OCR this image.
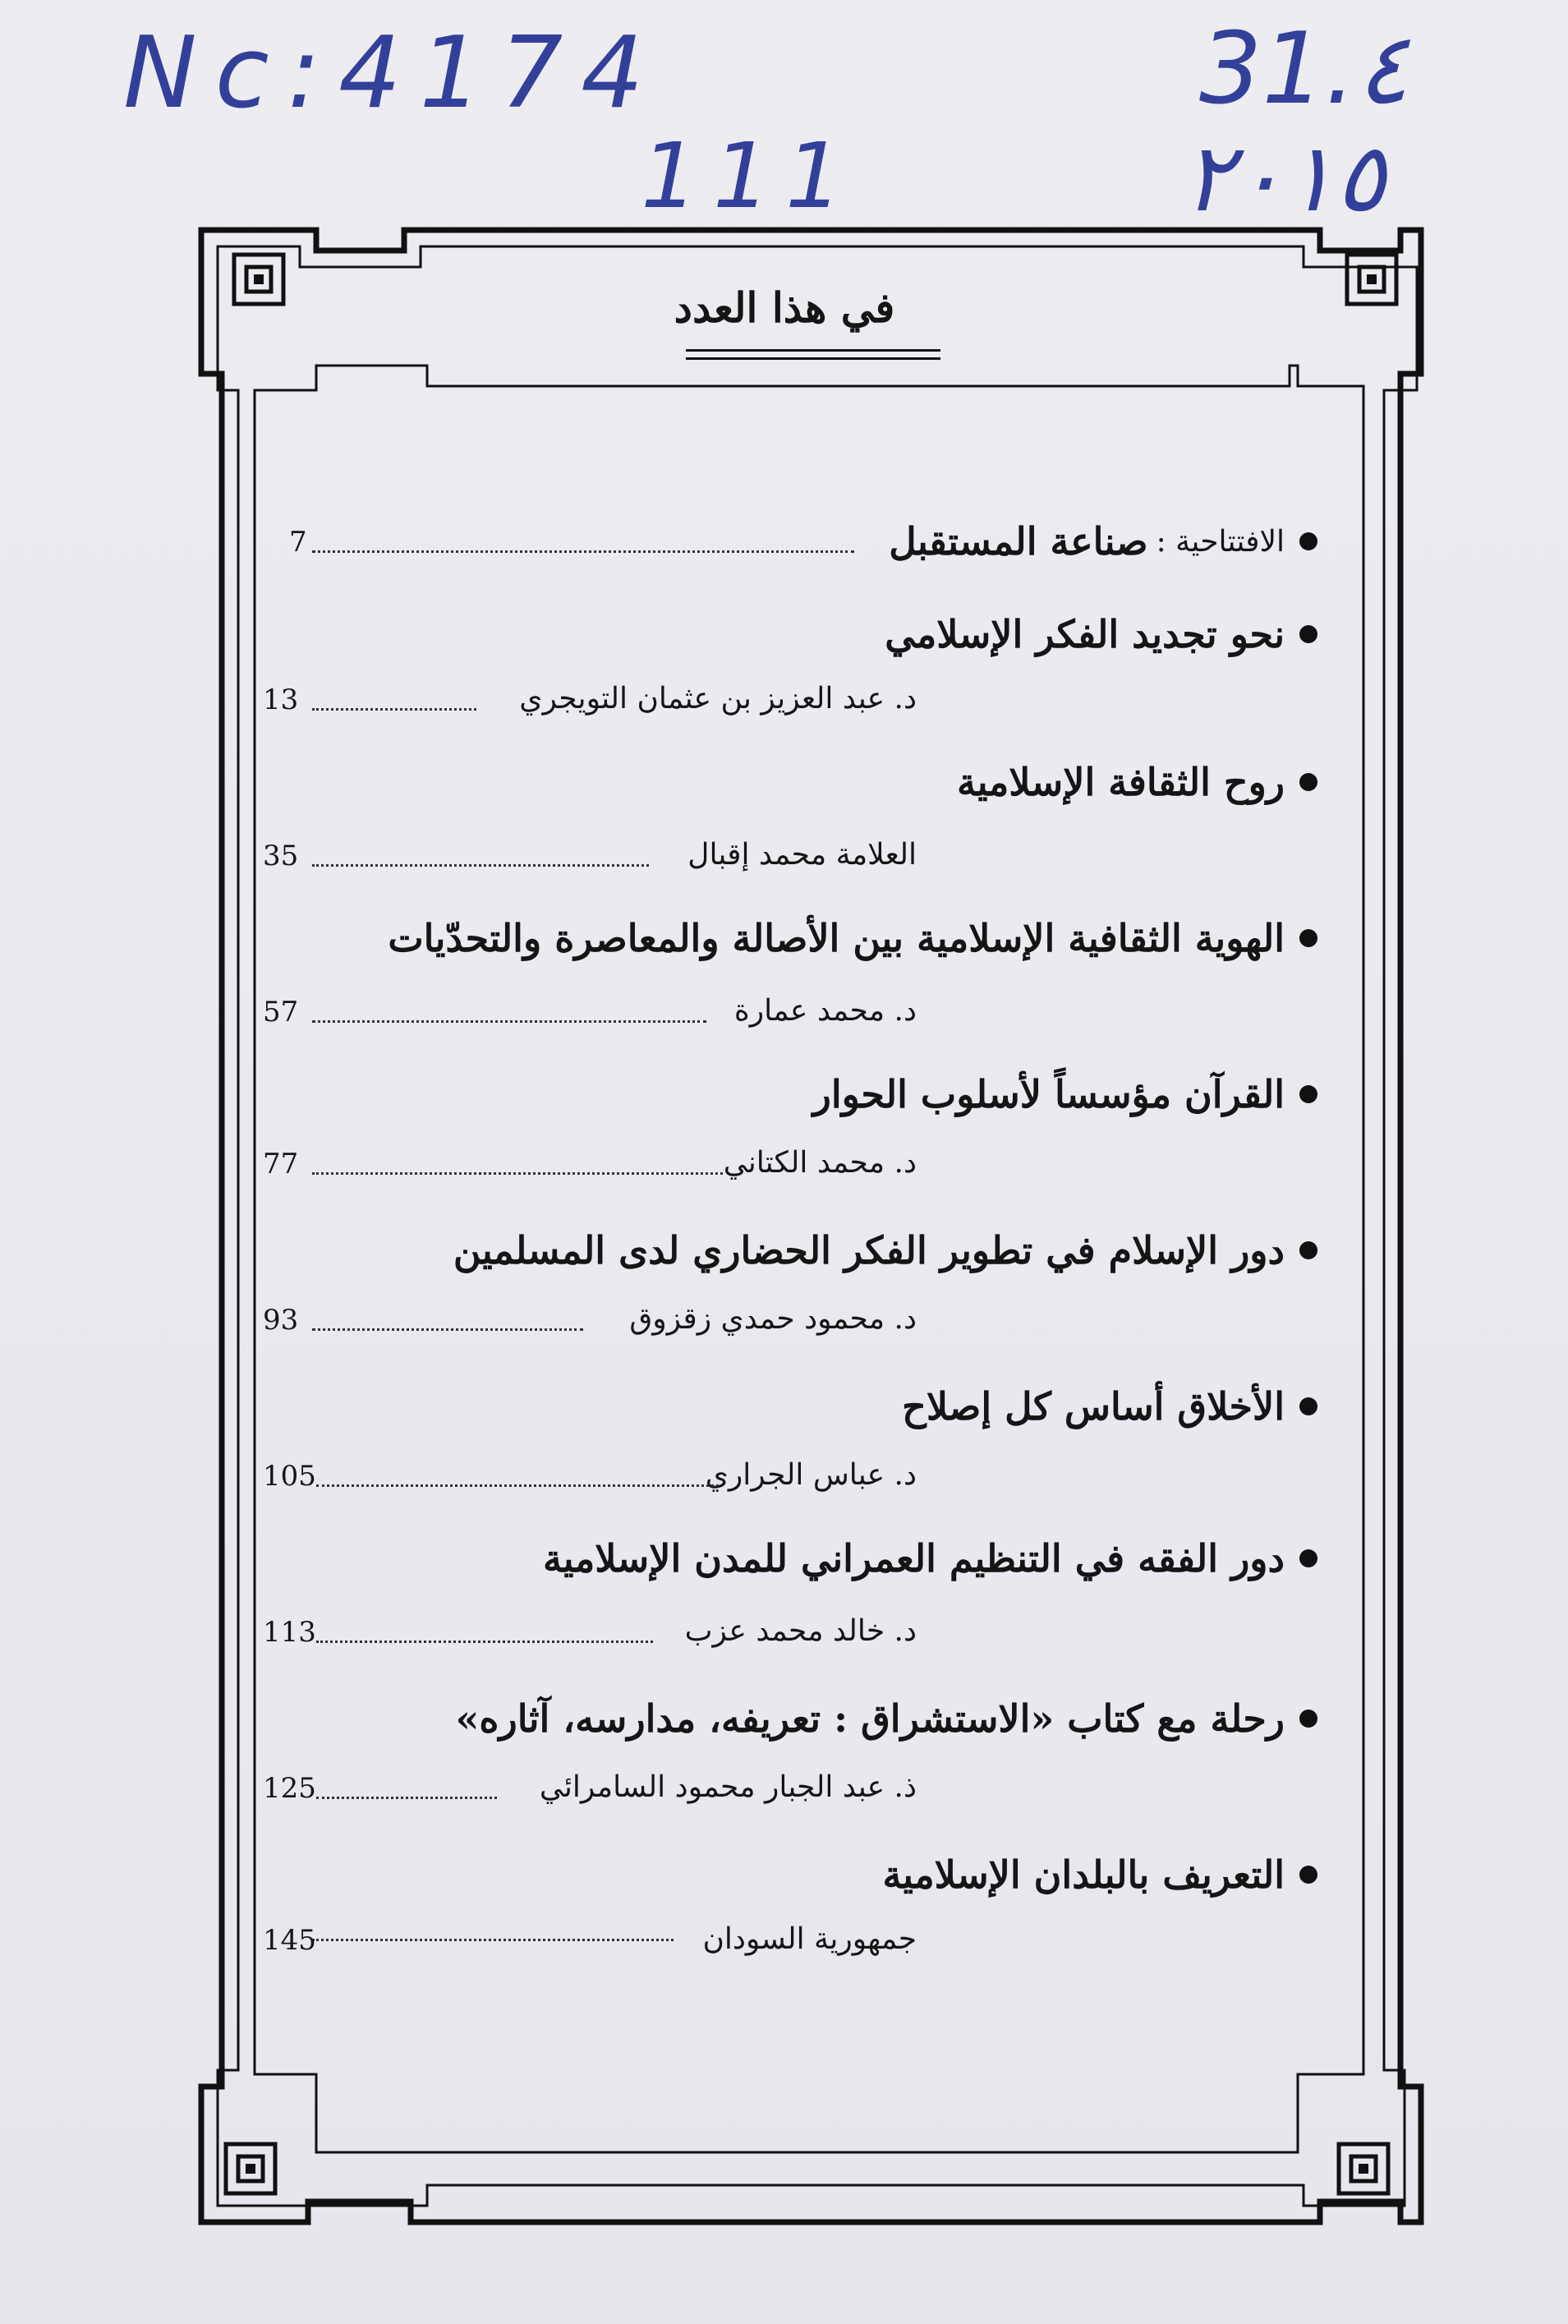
Nc:4174
111
31.٤
٢٠١٥
في هذا العدد
الافتتاحية :
صناعة المستقبل
7
نحو تجديد الفكر الإسلامي
د. عبد العزيز بن عثمان التويجري
13
روح الثقافة الإسلامية
العلامة محمد إقبال
35
الهوية الثقافية الإسلامية بين الأصالة والمعاصرة والتحدّيات
د. محمد عمارة
57
القرآن مؤسساً لأسلوب الحوار
د. محمد الكتاني
77
دور الإسلام في تطوير الفكر الحضاري لدى المسلمين
د. محمود حمدي زقزوق
93
الأخلاق أساس كل إصلاح
د. عباس الجراري
105
دور الفقه في التنظيم العمراني للمدن الإسلامية
د. خالد محمد عزب
113
رحلة مع كتاب «الاستشراق : تعريفه، مدارسه، آثاره»
ذ. عبد الجبار محمود السامرائي
125
التعريف بالبلدان الإسلامية
جمهورية السودان
145
